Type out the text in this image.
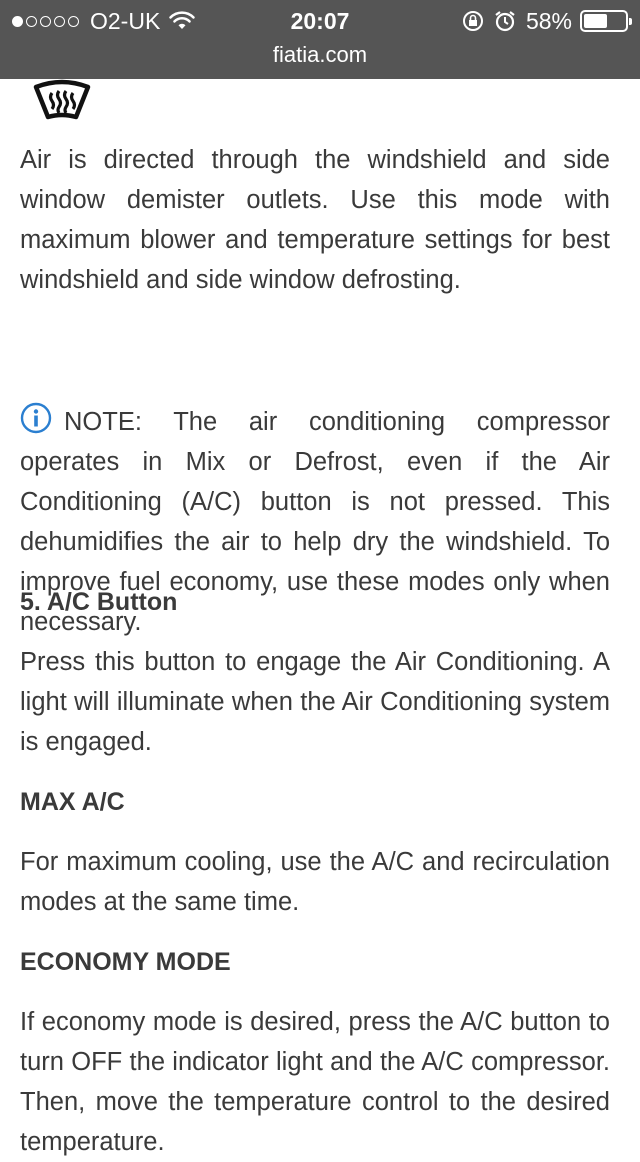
O2-UK	20:07	58%
fiatia.com

Air is directed through the windshield and side window demister outlets. Use this mode with maximum blower and temperature settings for best windshield and side window defrosting.

NOTE: The air conditioning compressor operates in Mix or Defrost, even if the Air Conditioning (A/C) button is not pressed. This dehumidifies the air to help dry the windshield. To improve fuel economy, use these modes only when necessary.

5. A/C Button

Press this button to engage the Air Conditioning. A light will illuminate when the Air Conditioning system is engaged.

MAX A/C

For maximum cooling, use the A/C and recirculation modes at the same time.

ECONOMY MODE

If economy mode is desired, press the A/C button to turn OFF the indicator light and the A/C compressor. Then, move the temperature control to the desired temperature.
